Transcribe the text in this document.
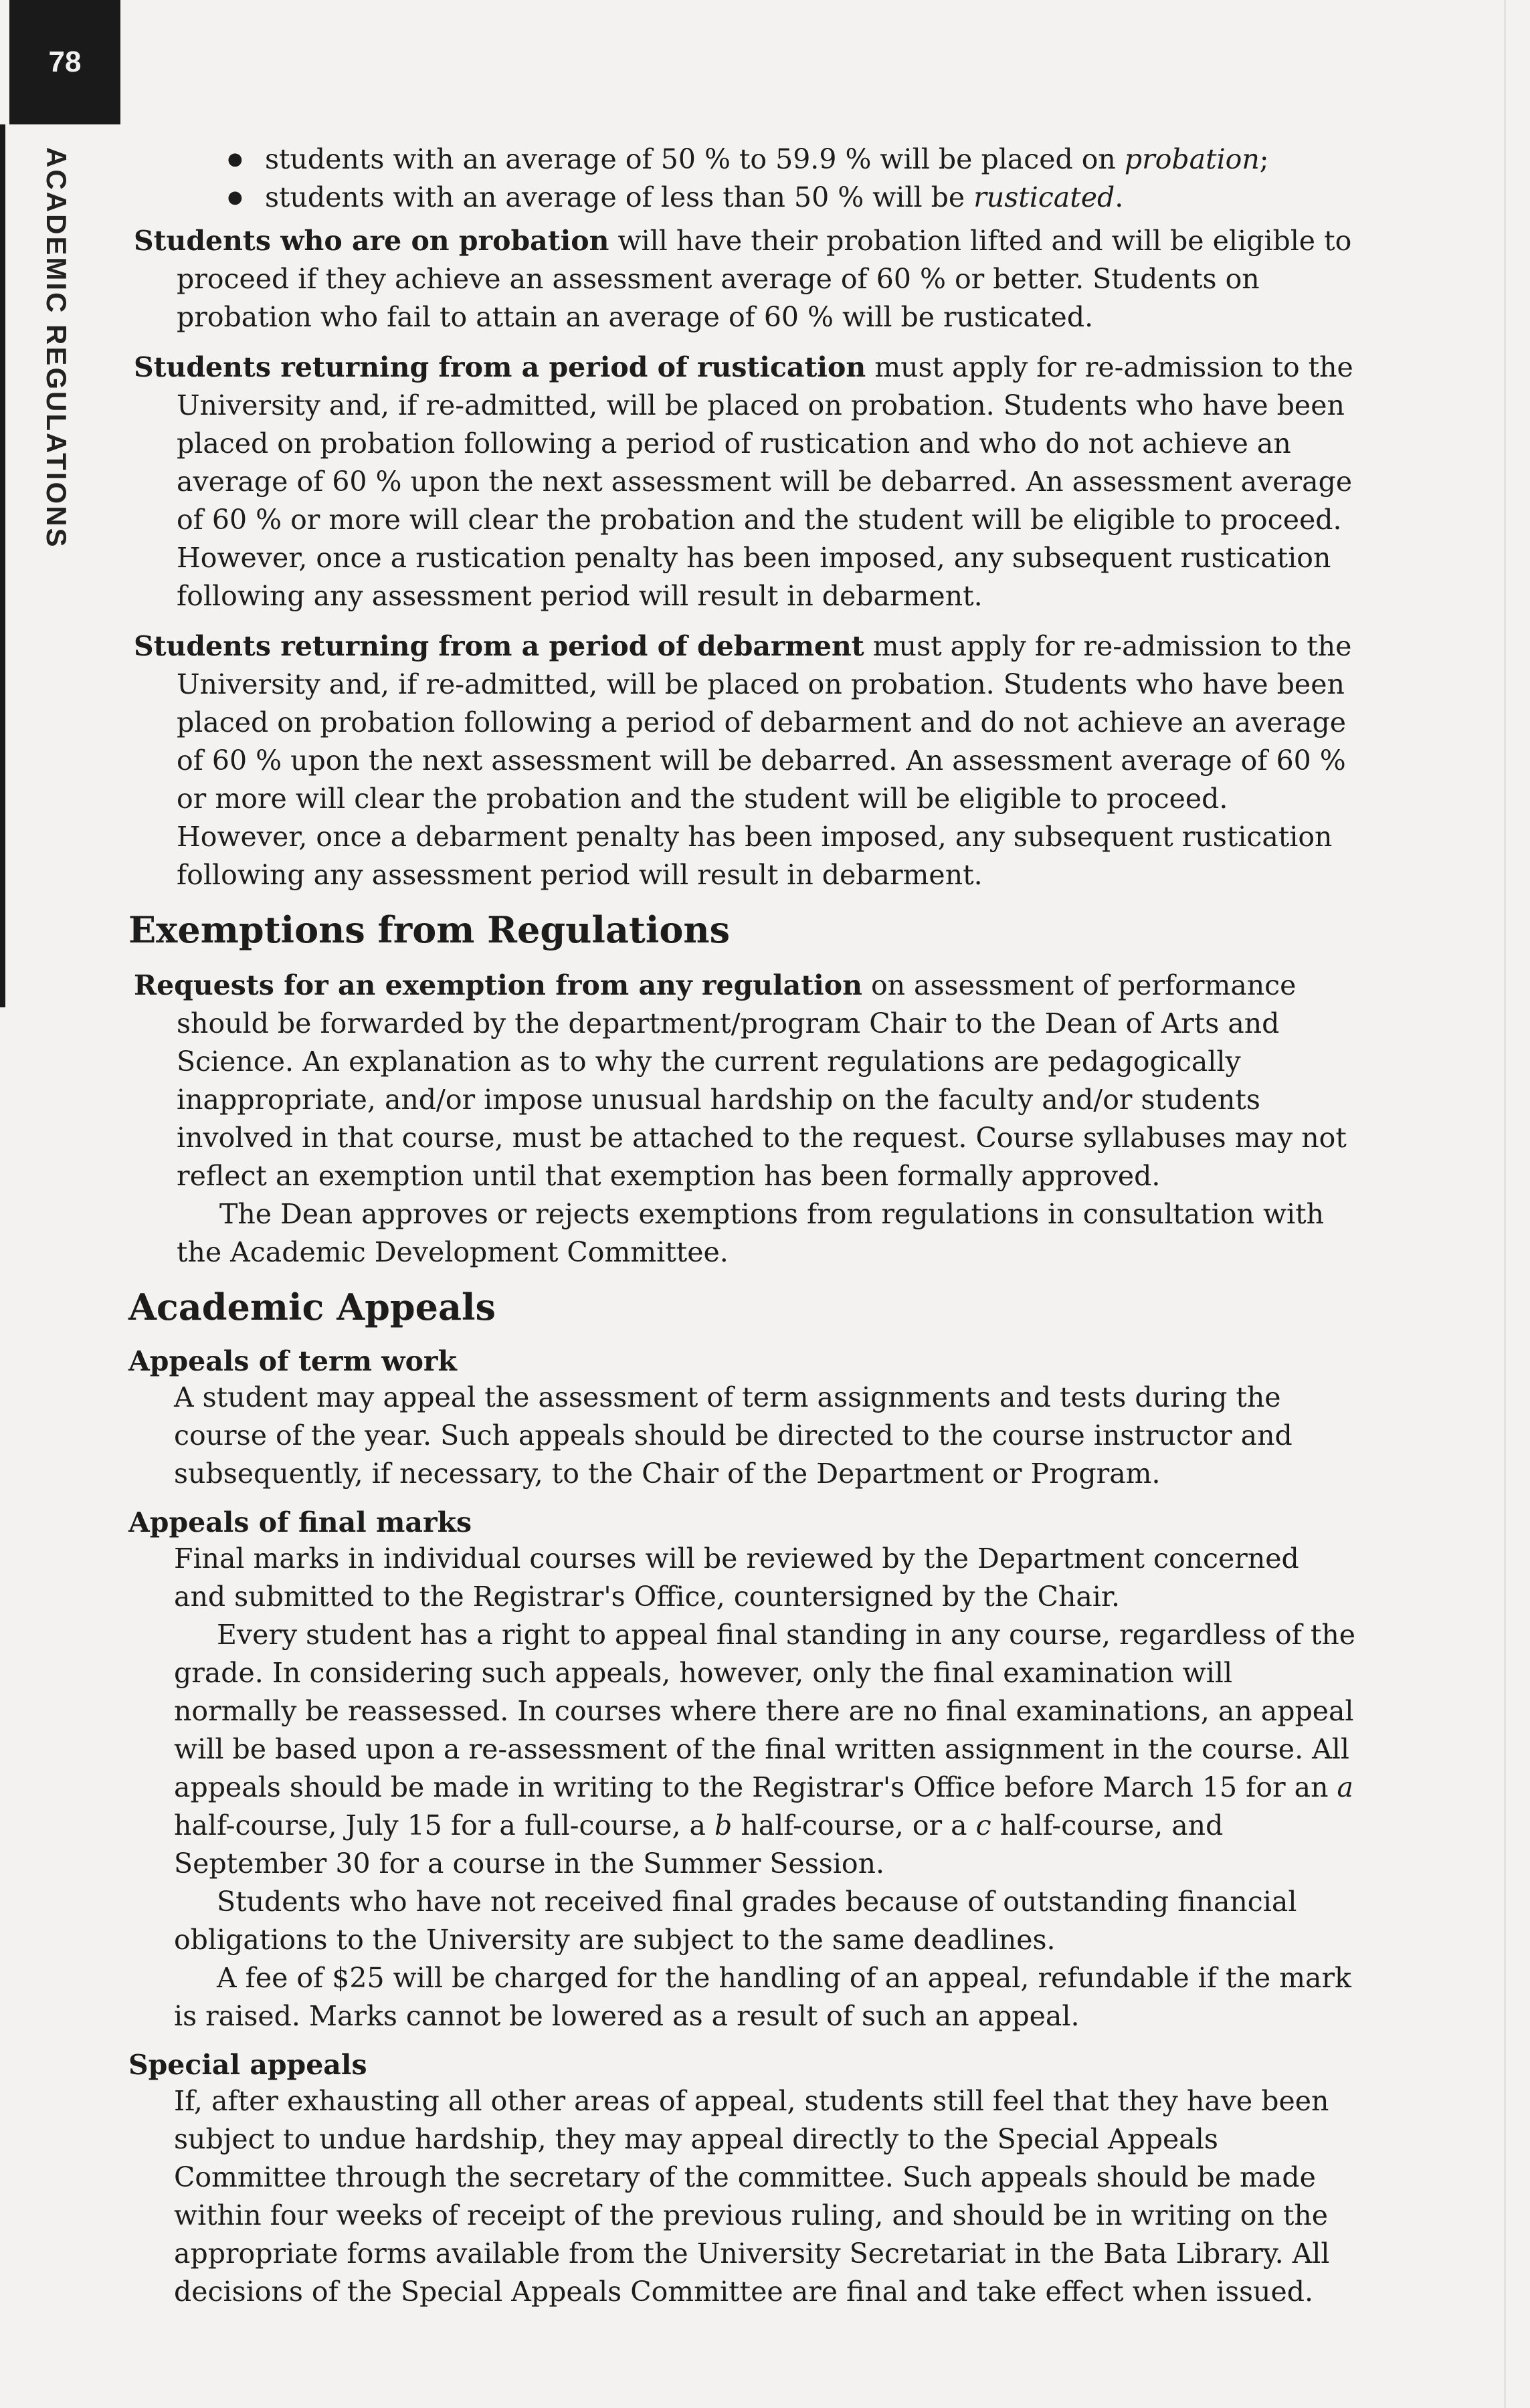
78
ACADEMIC REGULATIONS
●	students with an average of 50 % to 59.9 % will be placed on probation;
● students with an average of less than 50 % will be rusticated.

Students who are on probation will have their probation lifted and will be eligible to proceed if they achieve an assessment average of 60 % or better. Students on probation who fail to attain an average of 60 % will be rusticated.

Students returning from a period of rustication must apply for re-admission to the University and, if re-admitted, will be placed on probation. Students who have been placed on probation following a period of rustication and who do not achieve an average of 60 % upon the next assessment will be debarred. An assessment average of 60 % or more will clear the probation and the student will be eligible to proceed. However, once a rustication penalty has been imposed, any subsequent rustication following any assessment period will result in debarment.

Students returning from a period of debarment must apply for re-admission to the University and, if re-admitted, will be placed on probation. Students who have been placed on probation following a period of debarment and do not achieve an average of 60 % upon the next assessment will be debarred. An assessment average of 60 % or more will clear the probation and the student will be eligible to proceed. However, once a debarment penalty has been imposed, any subsequent rustication following any assessment period will result in debarment.

Exemptions from Regulations

Requests for an exemption from any regulation on assessment of performance should be forwarded by the department/program Chair to the Dean of Arts and Science. An explanation as to why the current regulations are pedagogically inappropriate, and/or impose unusual hardship on the faculty and/or students involved in that course, must be attached to the request. Course syllabuses may not reflect an exemption until that exemption has been formally approved.

The Dean approves or rejects exemptions from regulations in consultation with the Academic Development Committee.
Academic Appeals
Appeals of term work
A student may appeal the assessment of term assignments and tests during the course of the year. Such appeals should be directed to the course instructor and subsequently, if necessary, to the Chair of the Department or Program.
Appeals of final marks
Final marks in individual courses will be reviewed by the Department concerned and submitted to the Registrar's Office, countersigned by the Chair.
Every student has a right to appeal final standing in any course, regardless of the grade. In considering such appeals, however, only the final examination will normally be reassessed. In courses where there are no final examinations, an appeal will be based upon a re-assessment of the final written assignment in the course. All appeals should be made in writing to the Registrar's Office before March 15 for an a half-course, July 15 for a full-course, a b half-course, or a c half-course, and September 30 for a course in the Summer Session.
Students who have not received final grades because of outstanding financial obligations to the University are subject to the same deadlines.
A fee of $25 will be charged for the handling of an appeal, refundable if the mark is raised. Marks cannot be lowered as a result of such an appeal.
Special appeals
If, after exhausting all other areas of appeal, students still feel that they have been subject to undue hardship, they may appeal directly to the Special Appeals Committee through the secretary of the committee. Such appeals should be made within four weeks of receipt of the previous ruling, and should be in writing on the appropriate forms available from the University Secretariat in the Bata Library. All decisions of the Special Appeals Committee are final and take effect when issued.
